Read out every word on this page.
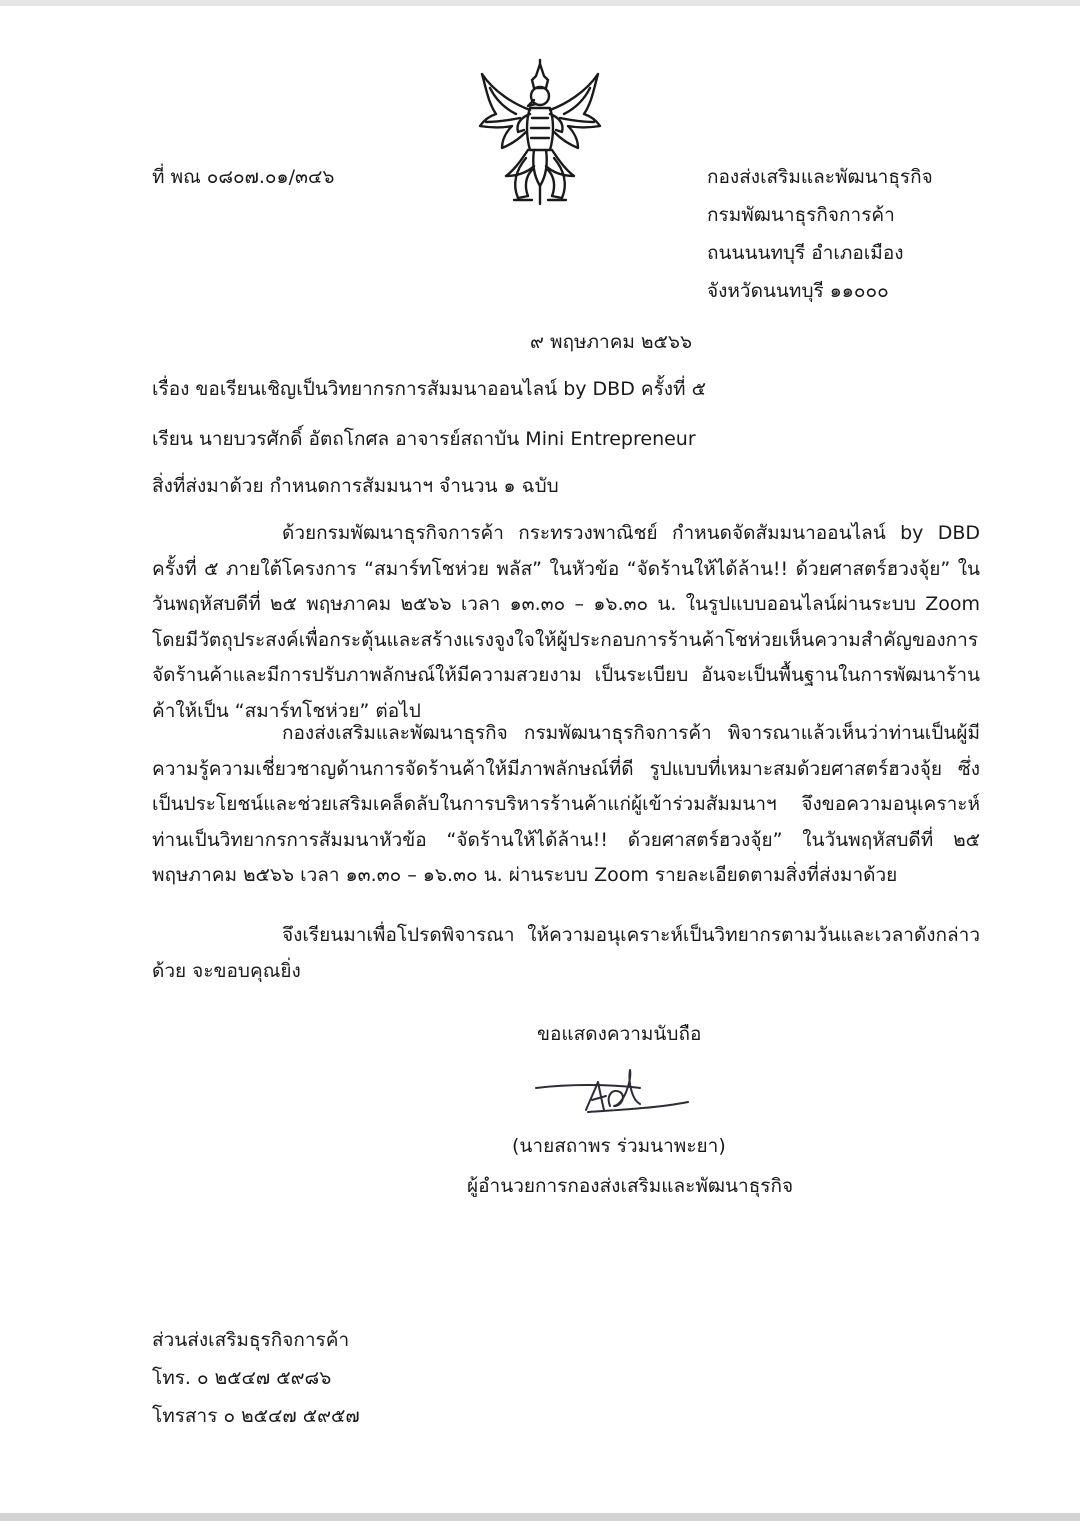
ที่ พณ ๐๘๐๗.๐๑/๓๔๖	กองส่งเสริมและพัฒนาธุรกิจ
กรมพัฒนาธุรกิจการค้า
ถนนนนทบุรี อำเภอเมือง
จังหวัดนนทบุรี ๑๑๐๐๐
๙ พฤษภาคม ๒๕๖๖
เรื่อง ขอเรียนเชิญเป็นวิทยากรการสัมมนาออนไลน์ by DBD ครั้งที่ ๕
เรียน นายบวรศักดิ์ อัตถโกศล อาจารย์สถาบัน Mini Entrepreneur
สิ่งที่ส่งมาด้วย กำหนดการสัมมนาฯ จำนวน ๑ ฉบับ
ด้วยกรมพัฒนาธุรกิจการค้า กระทรวงพาณิชย์ กำหนดจัดสัมมนาออนไลน์ by DBD ครั้งที่ ๕ ภายใต้โครงการ “สมาร์ทโชห่วย พลัส” ในหัวข้อ “จัดร้านให้ได้ล้าน!! ด้วยศาสตร์ฮวงจุ้ย” ในวันพฤหัสบดีที่ ๒๕ พฤษภาคม ๒๕๖๖ เวลา ๑๓.๓๐ – ๑๖.๓๐ น. ในรูปแบบออนไลน์ผ่านระบบ Zoom โดยมีวัตถุประสงค์เพื่อกระตุ้นและสร้างแรงจูงใจให้ผู้ประกอบการร้านค้าโชห่วยเห็นความสำคัญของการจัดร้านค้าและมีการปรับภาพลักษณ์ให้มีความสวยงาม เป็นระเบียบ อันจะเป็นพื้นฐานในการพัฒนาร้านค้าให้เป็น “สมาร์ทโชห่วย” ต่อไป
กองส่งเสริมและพัฒนาธุรกิจ กรมพัฒนาธุรกิจการค้า พิจารณาแล้วเห็นว่าท่านเป็นผู้มีความรู้ความเชี่ยวชาญด้านการจัดร้านค้าให้มีภาพลักษณ์ที่ดี รูปแบบที่เหมาะสมด้วยศาสตร์ฮวงจุ้ย ซึ่งเป็นประโยชน์และช่วยเสริมเคล็ดลับในการบริหารร้านค้าแก่ผู้เข้าร่วมสัมมนาฯ จึงขอความอนุเคราะห์ท่านเป็นวิทยากรการสัมมนาหัวข้อ “จัดร้านให้ได้ล้าน!! ด้วยศาสตร์ฮวงจุ้ย” ในวันพฤหัสบดีที่ ๒๕ พฤษภาคม ๒๕๖๖ เวลา ๑๓.๓๐ – ๑๖.๓๐ น. ผ่านระบบ Zoom รายละเอียดตามสิ่งที่ส่งมาด้วย
จึงเรียนมาเพื่อโปรดพิจารณา ให้ความอนุเคราะห์เป็นวิทยากรตามวันและเวลาดังกล่าวด้วย จะขอบคุณยิ่ง
ขอแสดงความนับถือ
(นายสถาพร ร่วมนาพะยา)
ผู้อำนวยการกองส่งเสริมและพัฒนาธุรกิจ
ส่วนส่งเสริมธุรกิจการค้า
โทร. ๐ ๒๕๔๗ ๕๙๘๖
โทรสาร ๐ ๒๕๔๗ ๕๙๕๗
